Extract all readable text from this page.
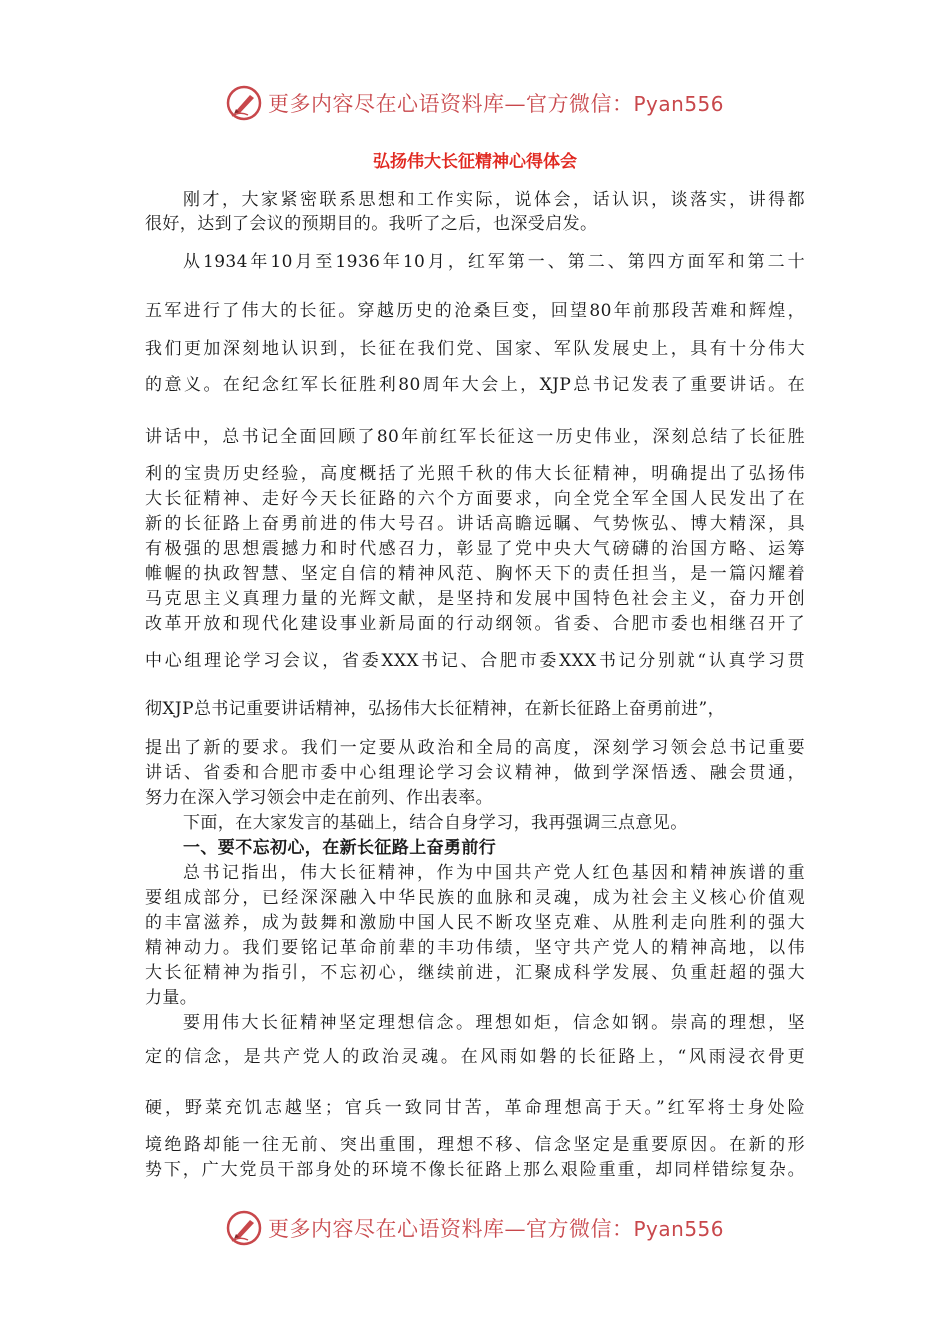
更多内容尽在心语资料库—官方微信：Pyan556
弘扬伟大长征精神心得体会
刚才，大家紧密联系思想和工作实际，说体会，话认识，谈落实，讲得都
很好，达到了会议的预期目的。我听了之后，也深受启发。
从1934年10月至1936年10月，红军第一、第二、第四方面军和第二十
五军进行了伟大的长征。穿越历史的沧桑巨变，回望80年前那段苦难和辉煌，
我们更加深刻地认识到，长征在我们党、国家、军队发展史上，具有十分伟大
的意义。在纪念红军长征胜利80周年大会上，XJP总书记发表了重要讲话。在
讲话中，总书记全面回顾了80年前红军长征这一历史伟业，深刻总结了长征胜
利的宝贵历史经验，高度概括了光照千秋的伟大长征精神，明确提出了弘扬伟
大长征精神、走好今天长征路的六个方面要求，向全党全军全国人民发出了在
新的长征路上奋勇前进的伟大号召。讲话高瞻远瞩、气势恢弘、博大精深，具
有极强的思想震撼力和时代感召力，彰显了党中央大气磅礴的治国方略、运筹
帷幄的执政智慧、坚定自信的精神风范、胸怀天下的责任担当，是一篇闪耀着
马克思主义真理力量的光辉文献，是坚持和发展中国特色社会主义，奋力开创
改革开放和现代化建设事业新局面的行动纲领。省委、合肥市委也相继召开了
中心组理论学习会议，省委XXX书记、合肥市委XXX书记分别就“认真学习贯
彻XJP总书记重要讲话精神，弘扬伟大长征精神，在新长征路上奋勇前进”，
提出了新的要求。我们一定要从政治和全局的高度，深刻学习领会总书记重要
讲话、省委和合肥市委中心组理论学习会议精神，做到学深悟透、融会贯通，
努力在深入学习领会中走在前列、作出表率。
下面，在大家发言的基础上，结合自身学习，我再强调三点意见。
一、要不忘初心，在新长征路上奋勇前行
总书记指出，伟大长征精神，作为中国共产党人红色基因和精神族谱的重
要组成部分，已经深深融入中华民族的血脉和灵魂，成为社会主义核心价值观
的丰富滋养，成为鼓舞和激励中国人民不断攻坚克难、从胜利走向胜利的强大
精神动力。我们要铭记革命前辈的丰功伟绩，坚守共产党人的精神高地，以伟
大长征精神为指引，不忘初心，继续前进，汇聚成科学发展、负重赶超的强大
力量。
要用伟大长征精神坚定理想信念。理想如炬，信念如钢。崇高的理想，坚
定的信念，是共产党人的政治灵魂。在风雨如磐的长征路上，“风雨浸衣骨更
硬，野菜充饥志越坚；官兵一致同甘苦，革命理想高于天。”红军将士身处险
境绝路却能一往无前、突出重围，理想不移、信念坚定是重要原因。在新的形
势下，广大党员干部身处的环境不像长征路上那么艰险重重，却同样错综复杂。
更多内容尽在心语资料库—官方微信：Pyan556
